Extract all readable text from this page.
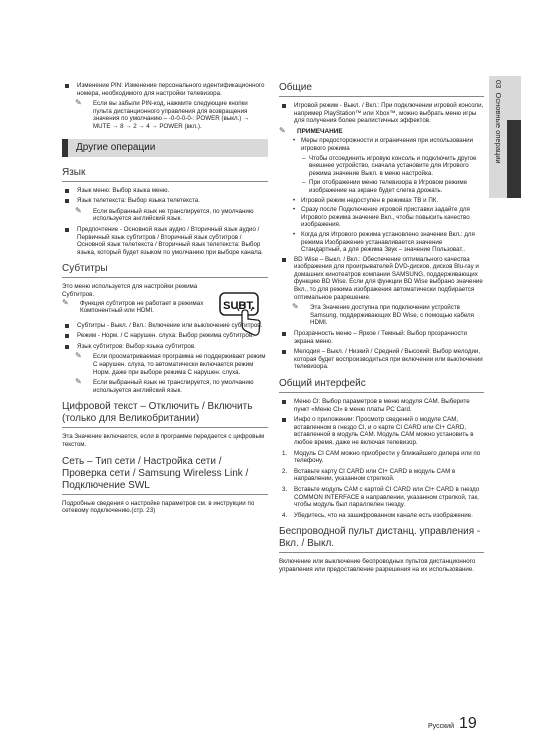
Изменение PIN: Изменение персонального идентификационного номера, необходимого для настройки телевизора.
✎ Если вы забыли PIN-код, нажмите следующие кнопки пульта дистанционного управления для возвращения значения по умолчанию – -0-0-0-0-: POWER (выкл.) → MUTE → 8 → 2 → 4 → POWER (вкл.).
Другие операции
Язык
Язык меню: Выбор языка меню.
Язык телетекста: Выбор языка телетекста.
✎ Если выбранный язык не транслируется, по умолчанию используется английский язык.
Предпочтение - Основной язык аудио / Вторичный язык аудио / Первичный язык субтитров / Вторичный язык субтитров / Основной язык телетекста / Вторичный язык телетекста: Выбор языка, который будет языком по умолчанию при выборе канала.
Субтитры
Это меню используется для настройки режима Субтитров.
✎ Функция субтитров не работает в режимах Компонентный или HDMI.	SUBT.
Субтитры - Выкл. / Вкл.: Включение или выключение субтитров.
Режим - Норм. / С нарушен. слуха: Выбор режима субтитров.
Язык субтитров: Выбор языка субтитров.
✎ Если просматриваемая программа не поддерживает режим С нарушен. слуха, то автоматически включается режим Норм. даже при выборе режима С нарушен. слуха.
✎ Если выбранный язык не транслируется, по умолчанию используется английский язык.
Цифровой текст – Отключить / Включить (только для Великобритании)
Эта Значение включается, если в программе передается с цифровым текстом.
Сеть – Тип сети / Настройка сети / Проверка сети / Samsung Wireless Link / Подключение SWL
Подробные сведения о настройке параметров см. в инструкции по сетевому подключению.(стр. 23)
Общие
Игровой режим - Выкл. / Вкл.: При подключении игровой консоли, например PlayStation™ или Xbox™, можно выбрать меню игры для получения более реалистичных эффектов.
✎ ПРИМЕЧАНИЕ
• Меры предосторожности и ограничения при использовании игрового режима
– Чтобы отсоединить игровую консоль и подключить другое внешнее устройство, сначала установите для Игрового режима значение Выкл. в меню настройка.
– При отображении меню телевизора в Игровом режиме изображение на экране будет слегка дрожать.
• Игровой режим недоступен в режимах ТВ и ПК.
• Сразу после Подключение игровой приставки задайте для Игрового режима значение Вкл., чтобы повысить качество изображения.
• Когда для Игрового режима установлено значение Вкл.: для режима Изображение устанавливается значение Стандартный, а для режима Звук – значение Пользоват..
BD Wise – Выкл. / Вкл.: Обеспечение оптимального качества изображения для проигрывателей DVD-дисков, дисков Blu-ray и домашних кинотеатров компании SAMSUNG, поддерживающих функцию BD Wise. Если для функции BD Wise выбрано значение Вкл., то для режима изображения автоматически подбирается оптимальное разрешение.
✎ Эта Значение доступна при подключении устройств Samsung, поддерживающих BD Wise, с помощью кабеля HDMI.
Прозрачность меню – Яркое / Темный: Выбор прозрачности экрана меню.
Мелодия – Выкл. / Низкий / Средний / Высокий: Выбор мелодии, которая будет воспроизводиться при включении или выключении телевизора.
Общий интерфейс
Меню CI: Выбор параметров в меню модуля CAM. Выберите пункт «Меню CI» в меню платы PC Card.
Инфо о приложении: Просмотр сведений о модуле CAM, вставленном в гнездо CI, и о карте CI CARD или CI+ CARD, вставленной в модуль CAM. Модуль CAM можно установить в любое время, даже не включая телевизор.
1. Модуль CI CAM можно приобрести у ближайшего дилера или по телефону.
2. Вставьте карту CI CARD или CI+ CARD в модуль CAM в направлении, указанном стрелкой.
3. Вставьте модуль CAM с картой CI CARD или CI+ CARD в гнездо COMMON INTERFACE в направлении, указанном стрелкой, так, чтобы модуль был параллелен гнезду.
4. Убедитесь, что на зашифрованном канале есть изображение.
Беспроводной пульт дистанц. управления - Вкл. / Выкл.
Включение или выключение беспроводных пультов дистанционного управления или предоставление разрешения на их использование.
03  Основные операции
Русский 19
